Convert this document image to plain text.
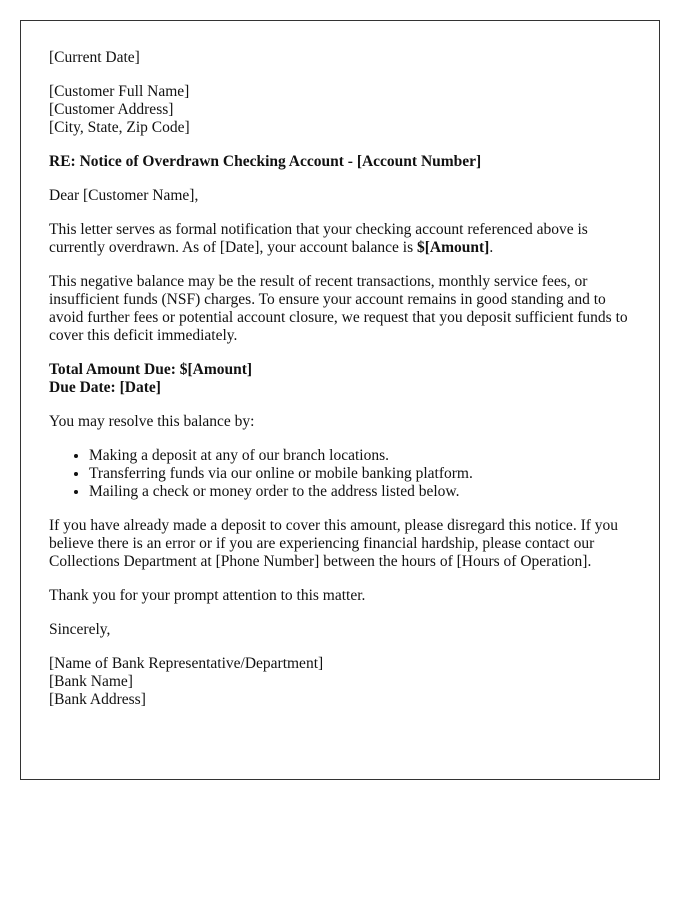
[Current Date]
[Customer Full Name]
[Customer Address]
[City, State, Zip Code]
RE: Notice of Overdrawn Checking Account - [Account Number]
Dear [Customer Name],
This letter serves as formal notification that your checking account referenced above is currently overdrawn. As of [Date], your account balance is $[Amount].
This negative balance may be the result of recent transactions, monthly service fees, or insufficient funds (NSF) charges. To ensure your account remains in good standing and to avoid further fees or potential account closure, we request that you deposit sufficient funds to cover this deficit immediately.
Total Amount Due: $[Amount]
Due Date: [Date]
You may resolve this balance by:
• Making a deposit at any of our branch locations.
• Transferring funds via our online or mobile banking platform.
• Mailing a check or money order to the address listed below.
If you have already made a deposit to cover this amount, please disregard this notice. If you believe there is an error or if you are experiencing financial hardship, please contact our Collections Department at [Phone Number] between the hours of [Hours of Operation].
Thank you for your prompt attention to this matter.
Sincerely,
[Name of Bank Representative/Department]
[Bank Name]
[Bank Address]
